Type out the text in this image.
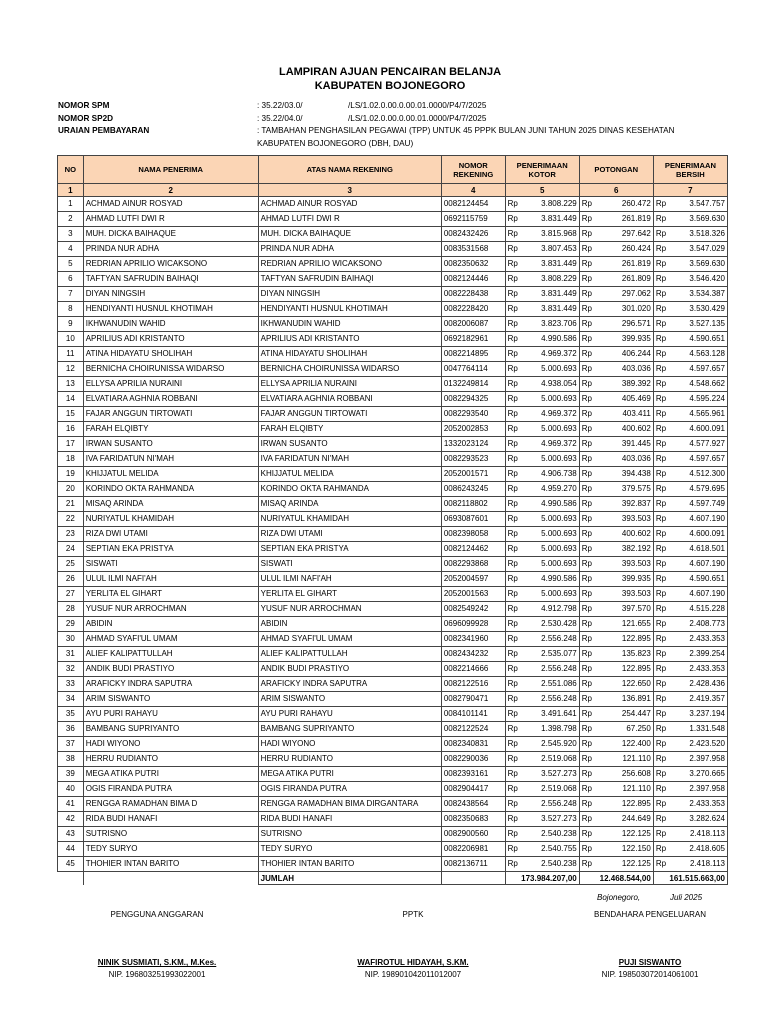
LAMPIRAN AJUAN PENCAIRAN BELANJA
KABUPATEN BOJONEGORO
NOMOR SPM	: 35.22/03.0/                    /LS/1.02.0.00.0.00.01.0000/P4/7/2025
NOMOR SP2D	: 35.22/04.0/                    /LS/1.02.0.00.0.00.01.0000/P4/7/2025
URAIAN PEMBAYARAN	: TAMBAHAN PENGHASILAN PEGAWAI (TPP) UNTUK 45 PPPK BULAN JUNI TAHUN 2025 DINAS KESEHATAN
KABUPATEN BOJONEGORO (DBH, DAU)
NO	NAMA PENERIMA	ATAS NAMA REKENING	NOMOR REKENING	PENERIMAAN KOTOR		POTONGAN		PENERIMAAN BERSIH	
1	2	3	4	5		6		7	
1	ACHMAD AINUR ROSYAD	ACHMAD AINUR ROSYAD	0082124454	Rp	3.808.229	Rp	260.472	Rp	3.547.757
2	AHMAD LUTFI DWI R	AHMAD LUTFI DWI R	0692115759	Rp	3.831.449	Rp	261.819	Rp	3.569.630
3	MUH. DICKA BAIHAQUE	MUH. DICKA BAIHAQUE	0082432426	Rp	3.815.968	Rp	297.642	Rp	3.518.326
4	PRINDA NUR ADHA	PRINDA NUR ADHA	0083531568	Rp	3.807.453	Rp	260.424	Rp	3.547.029
5	REDRIAN APRILIO WICAKSONO	REDRIAN APRILIO WICAKSONO	0082350632	Rp	3.831.449	Rp	261.819	Rp	3.569.630
6	TAFTYAN SAFRUDIN BAIHAQI	TAFTYAN SAFRUDIN BAIHAQI	0082124446	Rp	3.808.229	Rp	261.809	Rp	3.546.420
7	DIYAN NINGSIH	DIYAN NINGSIH	0082228438	Rp	3.831.449	Rp	297.062	Rp	3.534.387
8	HENDIYANTI HUSNUL KHOTIMAH	HENDIYANTI HUSNUL KHOTIMAH	0082228420	Rp	3.831.449	Rp	301.020	Rp	3.530.429
9	IKHWANUDIN WAHID	IKHWANUDIN WAHID	0082006087	Rp	3.823.706	Rp	296.571	Rp	3.527.135
10	APRILIUS ADI KRISTANTO	APRILIUS ADI KRISTANTO	0692182961	Rp	4.990.586	Rp	399.935	Rp	4.590.651
11	ATINA HIDAYATU SHOLIHAH	ATINA HIDAYATU SHOLIHAH	0082214895	Rp	4.969.372	Rp	406.244	Rp	4.563.128
12	BERNICHA CHOIRUNISSA WIDARSO	BERNICHA CHOIRUNISSA WIDARSO	0047764114	Rp	5.000.693	Rp	403.036	Rp	4.597.657
13	ELLYSA APRILIA NURAINI	ELLYSA APRILIA NURAINI	0132249814	Rp	4.938.054	Rp	389.392	Rp	4.548.662
14	ELVATIARA AGHNIA ROBBANI	ELVATIARA AGHNIA ROBBANI	0082294325	Rp	5.000.693	Rp	405.469	Rp	4.595.224
15	FAJAR ANGGUN TIRTOWATI	FAJAR ANGGUN TIRTOWATI	0082293540	Rp	4.969.372	Rp	403.411	Rp	4.565.961
16	FARAH ELQIBTY	FARAH ELQIBTY	2052002853	Rp	5.000.693	Rp	400.602	Rp	4.600.091
17	IRWAN SUSANTO	IRWAN SUSANTO	1332023124	Rp	4.969.372	Rp	391.445	Rp	4.577.927
18	IVA FARIDATUN NI'MAH	IVA FARIDATUN NI'MAH	0082293523	Rp	5.000.693	Rp	403.036	Rp	4.597.657
19	KHIJJATUL MELIDA	KHIJJATUL MELIDA	2052001571	Rp	4.906.738	Rp	394.438	Rp	4.512.300
20	KORINDO OKTA RAHMANDA	KORINDO OKTA RAHMANDA	0086243245	Rp	4.959.270	Rp	379.575	Rp	4.579.695
21	MISAQ ARINDA	MISAQ ARINDA	0082118802	Rp	4.990.586	Rp	392.837	Rp	4.597.749
22	NURIYATUL KHAMIDAH	NURIYATUL KHAMIDAH	0693087601	Rp	5.000.693	Rp	393.503	Rp	4.607.190
23	RIZA DWI UTAMI	RIZA DWI UTAMI	0082398058	Rp	5.000.693	Rp	400.602	Rp	4.600.091
24	SEPTIAN EKA PRISTYA	SEPTIAN EKA PRISTYA	0082124462	Rp	5.000.693	Rp	382.192	Rp	4.618.501
25	SISWATI	SISWATI	0082293868	Rp	5.000.693	Rp	393.503	Rp	4.607.190
26	ULUL ILMI NAFI'AH	ULUL ILMI NAFI'AH	2052004597	Rp	4.990.586	Rp	399.935	Rp	4.590.651
27	YERLITA EL GIHART	YERLITA EL GIHART	2052001563	Rp	5.000.693	Rp	393.503	Rp	4.607.190
28	YUSUF NUR ARROCHMAN	YUSUF NUR ARROCHMAN	0082549242	Rp	4.912.798	Rp	397.570	Rp	4.515.228
29	ABIDIN	ABIDIN	0696099928	Rp	2.530.428	Rp	121.655	Rp	2.408.773
30	AHMAD SYAFI'UL UMAM	AHMAD SYAFI'UL UMAM	0082341960	Rp	2.556.248	Rp	122.895	Rp	2.433.353
31	ALIEF KALIPATTULLAH	ALIEF KALIPATTULLAH	0082434232	Rp	2.535.077	Rp	135.823	Rp	2.399.254
32	ANDIK BUDI PRASTIYO	ANDIK BUDI PRASTIYO	0082214666	Rp	2.556.248	Rp	122.895	Rp	2.433.353
33	ARAFICKY INDRA SAPUTRA	ARAFICKY INDRA SAPUTRA	0082122516	Rp	2.551.086	Rp	122.650	Rp	2.428.436
34	ARIM SISWANTO	ARIM SISWANTO	0082790471	Rp	2.556.248	Rp	136.891	Rp	2.419.357
35	AYU PURI RAHAYU	AYU PURI RAHAYU	0084101141	Rp	3.491.641	Rp	254.447	Rp	3.237.194
36	BAMBANG SUPRIYANTO	BAMBANG SUPRIYANTO	0082122524	Rp	1.398.798	Rp	67.250	Rp	1.331.548
37	HADI WIYONO	HADI WIYONO	0082340831	Rp	2.545.920	Rp	122.400	Rp	2.423.520
38	HERRU RUDIANTO	HERRU RUDIANTO	0082290036	Rp	2.519.068	Rp	121.110	Rp	2.397.958
39	MEGA ATIKA PUTRI	MEGA ATIKA PUTRI	0082393161	Rp	3.527.273	Rp	256.608	Rp	3.270.665
40	OGIS FIRANDA PUTRA	OGIS FIRANDA PUTRA	0082904417	Rp	2.519.068	Rp	121.110	Rp	2.397.958
41	RENGGA RAMADHAN BIMA D	RENGGA RAMADHAN BIMA DIRGANTARA	0082438564	Rp	2.556.248	Rp	122.895	Rp	2.433.353
42	RIDA BUDI HANAFI	RIDA BUDI HANAFI	0082350683	Rp	3.527.273	Rp	244.649	Rp	3.282.624
43	SUTRISNO	SUTRISNO	0082900560	Rp	2.540.238	Rp	122.125	Rp	2.418.113
44	TEDY SURYO	TEDY SURYO	0082206981	Rp	2.540.755	Rp	122.150	Rp	2.418.605
45	THOHIER INTAN BARITO	THOHIER INTAN BARITO	0082136711	Rp	2.540.238	Rp	122.125	Rp	2.418.113
		JUMLAH		173.984.207,00		12.468.544,00		161.515.663,00	
Bojonegoro,	Juli 2025
PENGGUNA ANGGARAN	PPTK	BENDAHARA PENGELUARAN
NINIK SUSMIATI, S.KM., M.Kes.	WAFIROTUL HIDAYAH, S.KM.	PUJI SISWANTO
NIP. 196803251993022001	NIP. 198901042011012007	NIP. 198503072014061001
